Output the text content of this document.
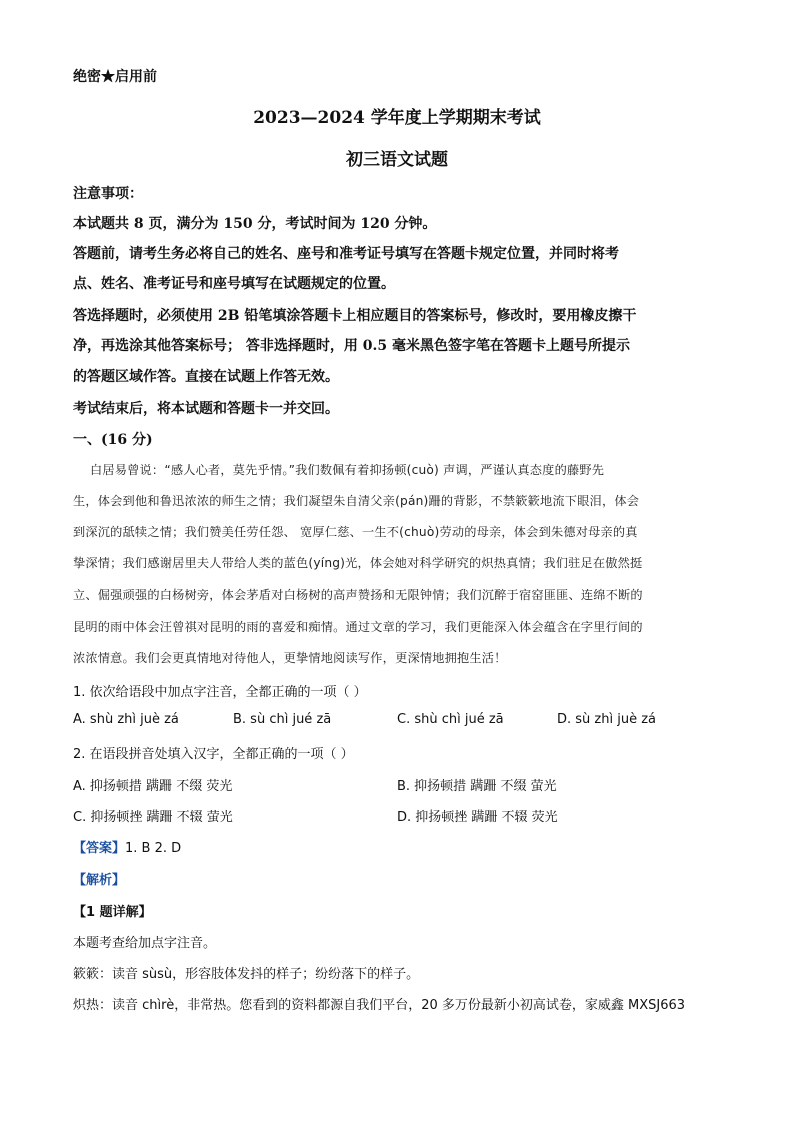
绝密★启用前
2023—2024 学年度上学期期末考试
初三语文试题
注意事项：
本试题共 8 页，满分为 150 分，考试时间为 120 分钟。
答题前，请考生务必将自己的姓名、座号和准考证号填写在答题卡规定位置，并同时将考
点、姓名、准考证号和座号填写在试题规定的位置。
答选择题时，必须使用 2B 铅笔填涂答题卡上相应题目的答案标号，修改时，要用橡皮擦干
净，再选涂其他答案标号； 答非选择题时，用 0.5 毫米黑色签字笔在答题卡上题号所提示
的答题区域作答。直接在试题上作答无效。
考试结束后，将本试题和答题卡一并交回。
一、(16 分)
白居易曾说：“感人心者，莫先乎情。”我们数佩有着抑扬顿(cuò) 声调，严谨认真态度的藤野先
生，体会到他和鲁迅浓浓的师生之情；我们凝望朱自清父亲(pán)跚的背影，不禁簌簌地流下眼泪，体会
到深沉的舐犊之情；我们赞美任劳任怨、 宽厚仁慈、一生不(chuò)劳动的母亲，体会到朱德对母亲的真
挚深情；我们感谢居里夫人带给人类的蓝色(yíng)光，体会她对科学研究的炽热真情；我们驻足在傲然挺
立、倔强顽强的白杨树旁，体会茅盾对白杨树的高声赞扬和无限钟情；我们沉醉于宿窑匪匪、连绵不断的
昆明的雨中体会汪曾祺对昆明的雨的喜爱和痴情。通过文章的学习，我们更能深入体会蕴含在字里行间的
浓浓情意。我们会更真情地对待他人，更挚情地阅读写作，更深情地拥抱生活！
1. 依次给语段中加点字注音，全都正确的一项（ ）
A. shù zhì juè zá	B. sù chì jué zā	C. shù chì jué zā	D. sù zhì juè zá
2. 在语段拼音处填入汉字，全都正确的一项（ ）
A. 抑扬顿措 蹒跚 不缀 荧光	B. 抑扬顿措 蹒跚 不缀 萤光
C. 抑扬顿挫 蹒跚 不辍 萤光	D. 抑扬顿挫 蹒跚 不辍 荧光
【答案】1. B 2. D
【解析】
【1 题详解】
本题考查给加点字注音。
簌簌：读音 sùsù，形容肢体发抖的样子；纷纷落下的样子。
炽热：读音 chìrè，非常热。您看到的资料都源自我们平台，20 多万份最新小初高试卷，家威鑫 MXSJ663
